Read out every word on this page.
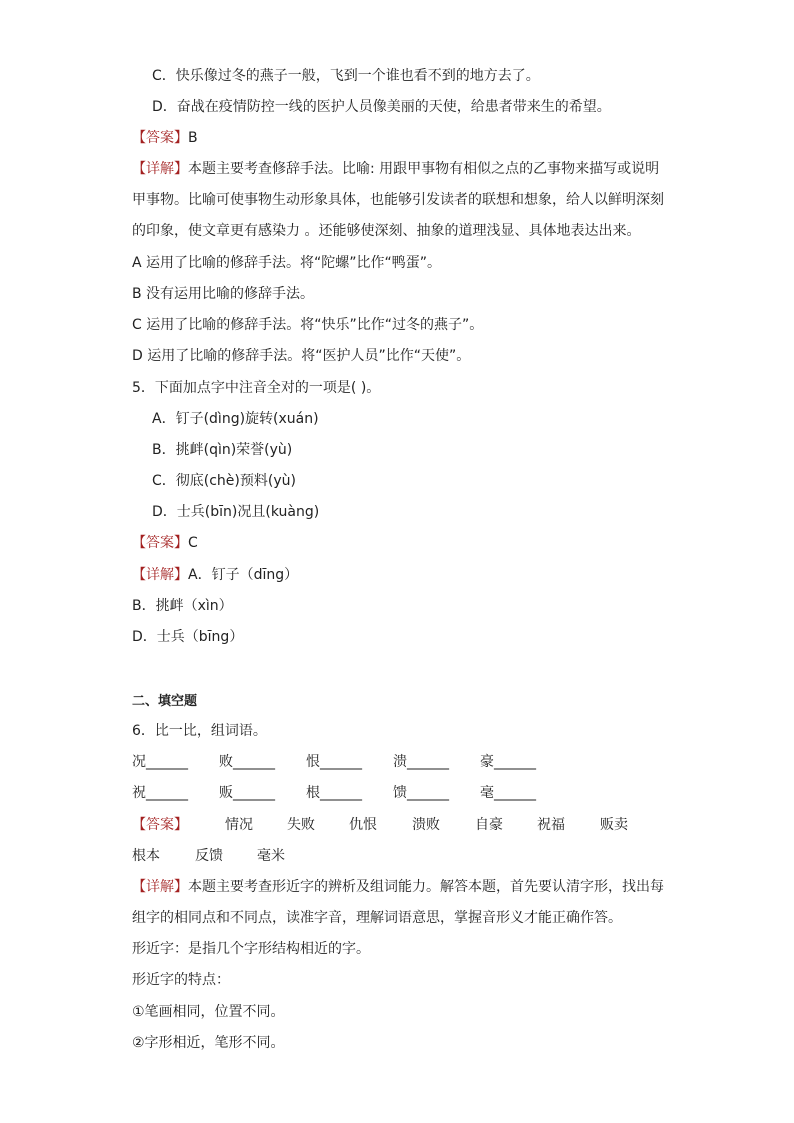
C．快乐像过冬的燕子一般，飞到一个谁也看不到的地方去了。
D．奋战在疫情防控一线的医护人员像美丽的天使，给患者带来生的希望。
【答案】B
【详解】本题主要考查修辞手法。比喻: 用跟甲事物有相似之点的乙事物来描写或说明
甲事物。比喻可使事物生动形象具体，也能够引发读者的联想和想象，给人以鲜明深刻
的印象，使文章更有感染力 。还能够使深刻、抽象的道理浅显、具体地表达出来。
A 运用了比喻的修辞手法。将“陀螺”比作“鸭蛋”。
B 没有运用比喻的修辞手法。
C 运用了比喻的修辞手法。将“快乐”比作“过冬的燕子”。
D 运用了比喻的修辞手法。将“医护人员”比作“天使”。
5．下面加点字中注音全对的一项是( )。
A．钉子(dìng)旋转(xuán)
B．挑衅(qìn)荣誉(yù)
C．彻底(chè)预料(yù)
D．士兵(bīn)况且(kuàng)
【答案】C
【详解】A．钉子（dīng）
B．挑衅（xìn）
D．士兵（bīng）
二、填空题
6．比一比，组词语。
况______ 败______ 恨______ 溃______ 豪______
祝______ 贩______ 根______ 馈______ 毫______
【答案】	情况 失败 仇恨	溃败	自豪 祝福	贩卖
根本	反馈 毫米
【详解】本题主要考查形近字的辨析及组词能力。解答本题，首先要认清字形，找出每
组字的相同点和不同点，读准字音，理解词语意思，掌握音形义才能正确作答。
形近字：是指几个字形结构相近的字。
形近字的特点：
①笔画相同，位置不同。
②字形相近，笔形不同。
